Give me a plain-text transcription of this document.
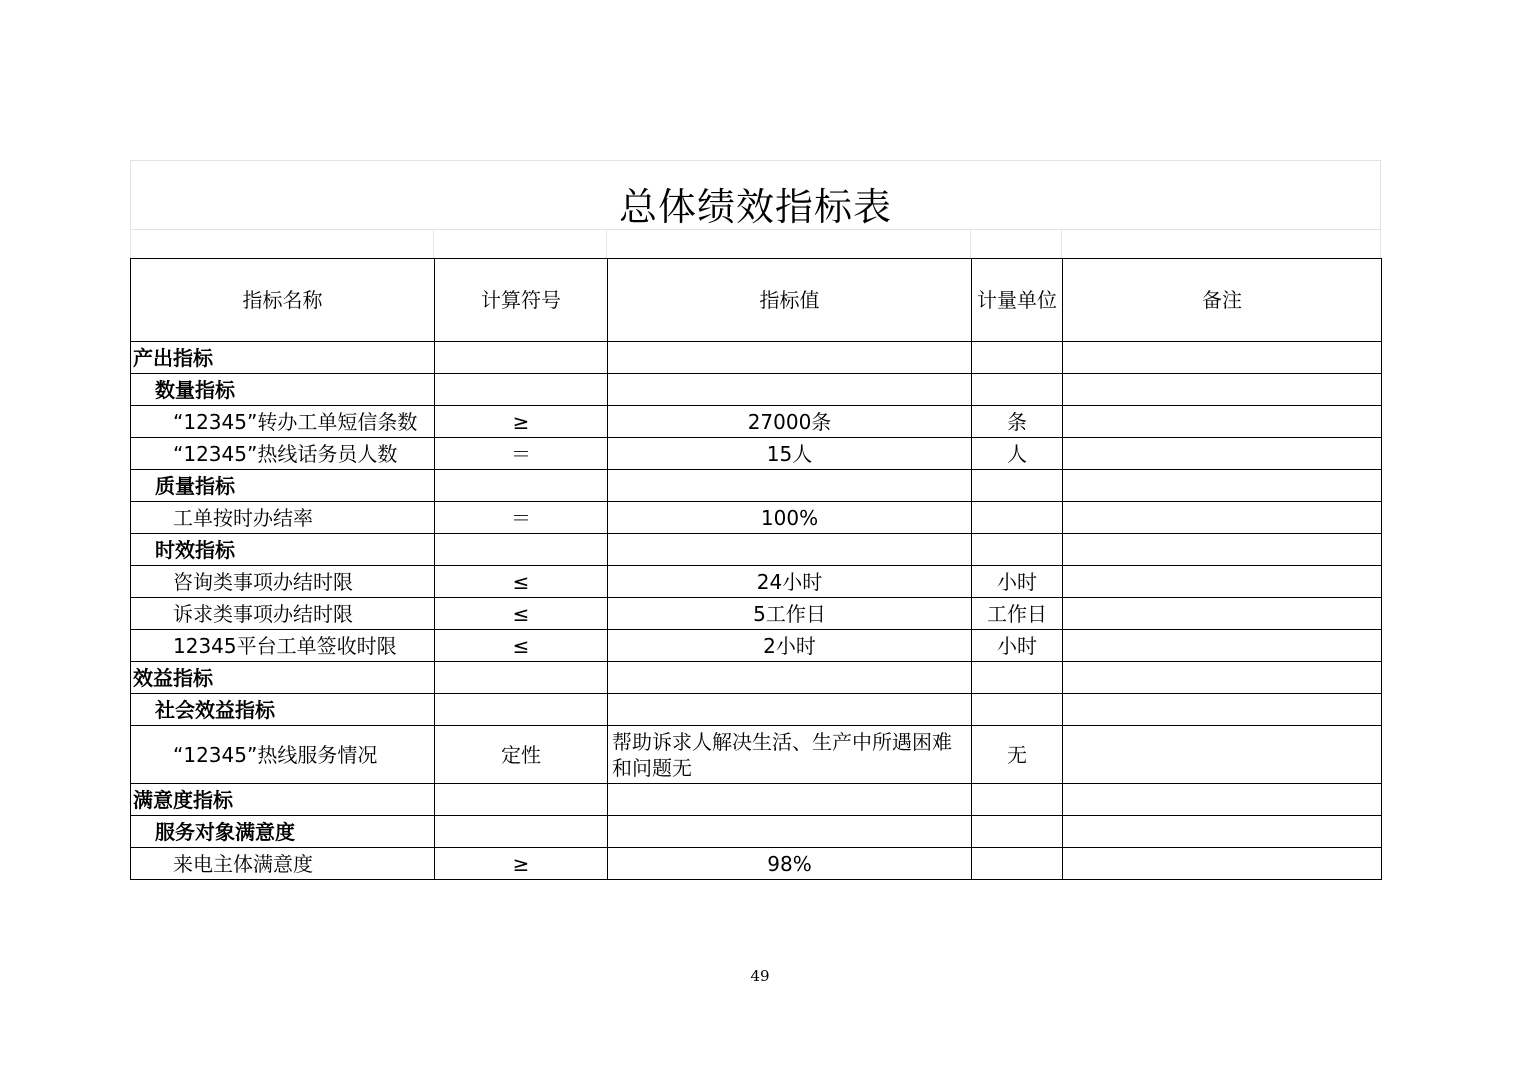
总体绩效指标表
指标名称	计算符号	指标值	计量单位	备注
产出指标				
数量指标				
“12345”转办工单短信条数	≥	27000条	条	
“12345”热线话务员人数	＝	15人	人	
质量指标				
工单按时办结率	＝	100%		
时效指标				
咨询类事项办结时限	≤	24小时	小时	
诉求类事项办结时限	≤	5工作日	工作日	
12345平台工单签收时限	≤	2小时	小时	
效益指标				
社会效益指标				
“12345”热线服务情况	定性	帮助诉求人解决生活、生产中所遇困难和问题无	无	
满意度指标				
服务对象满意度				
来电主体满意度	≥	98%		
49
